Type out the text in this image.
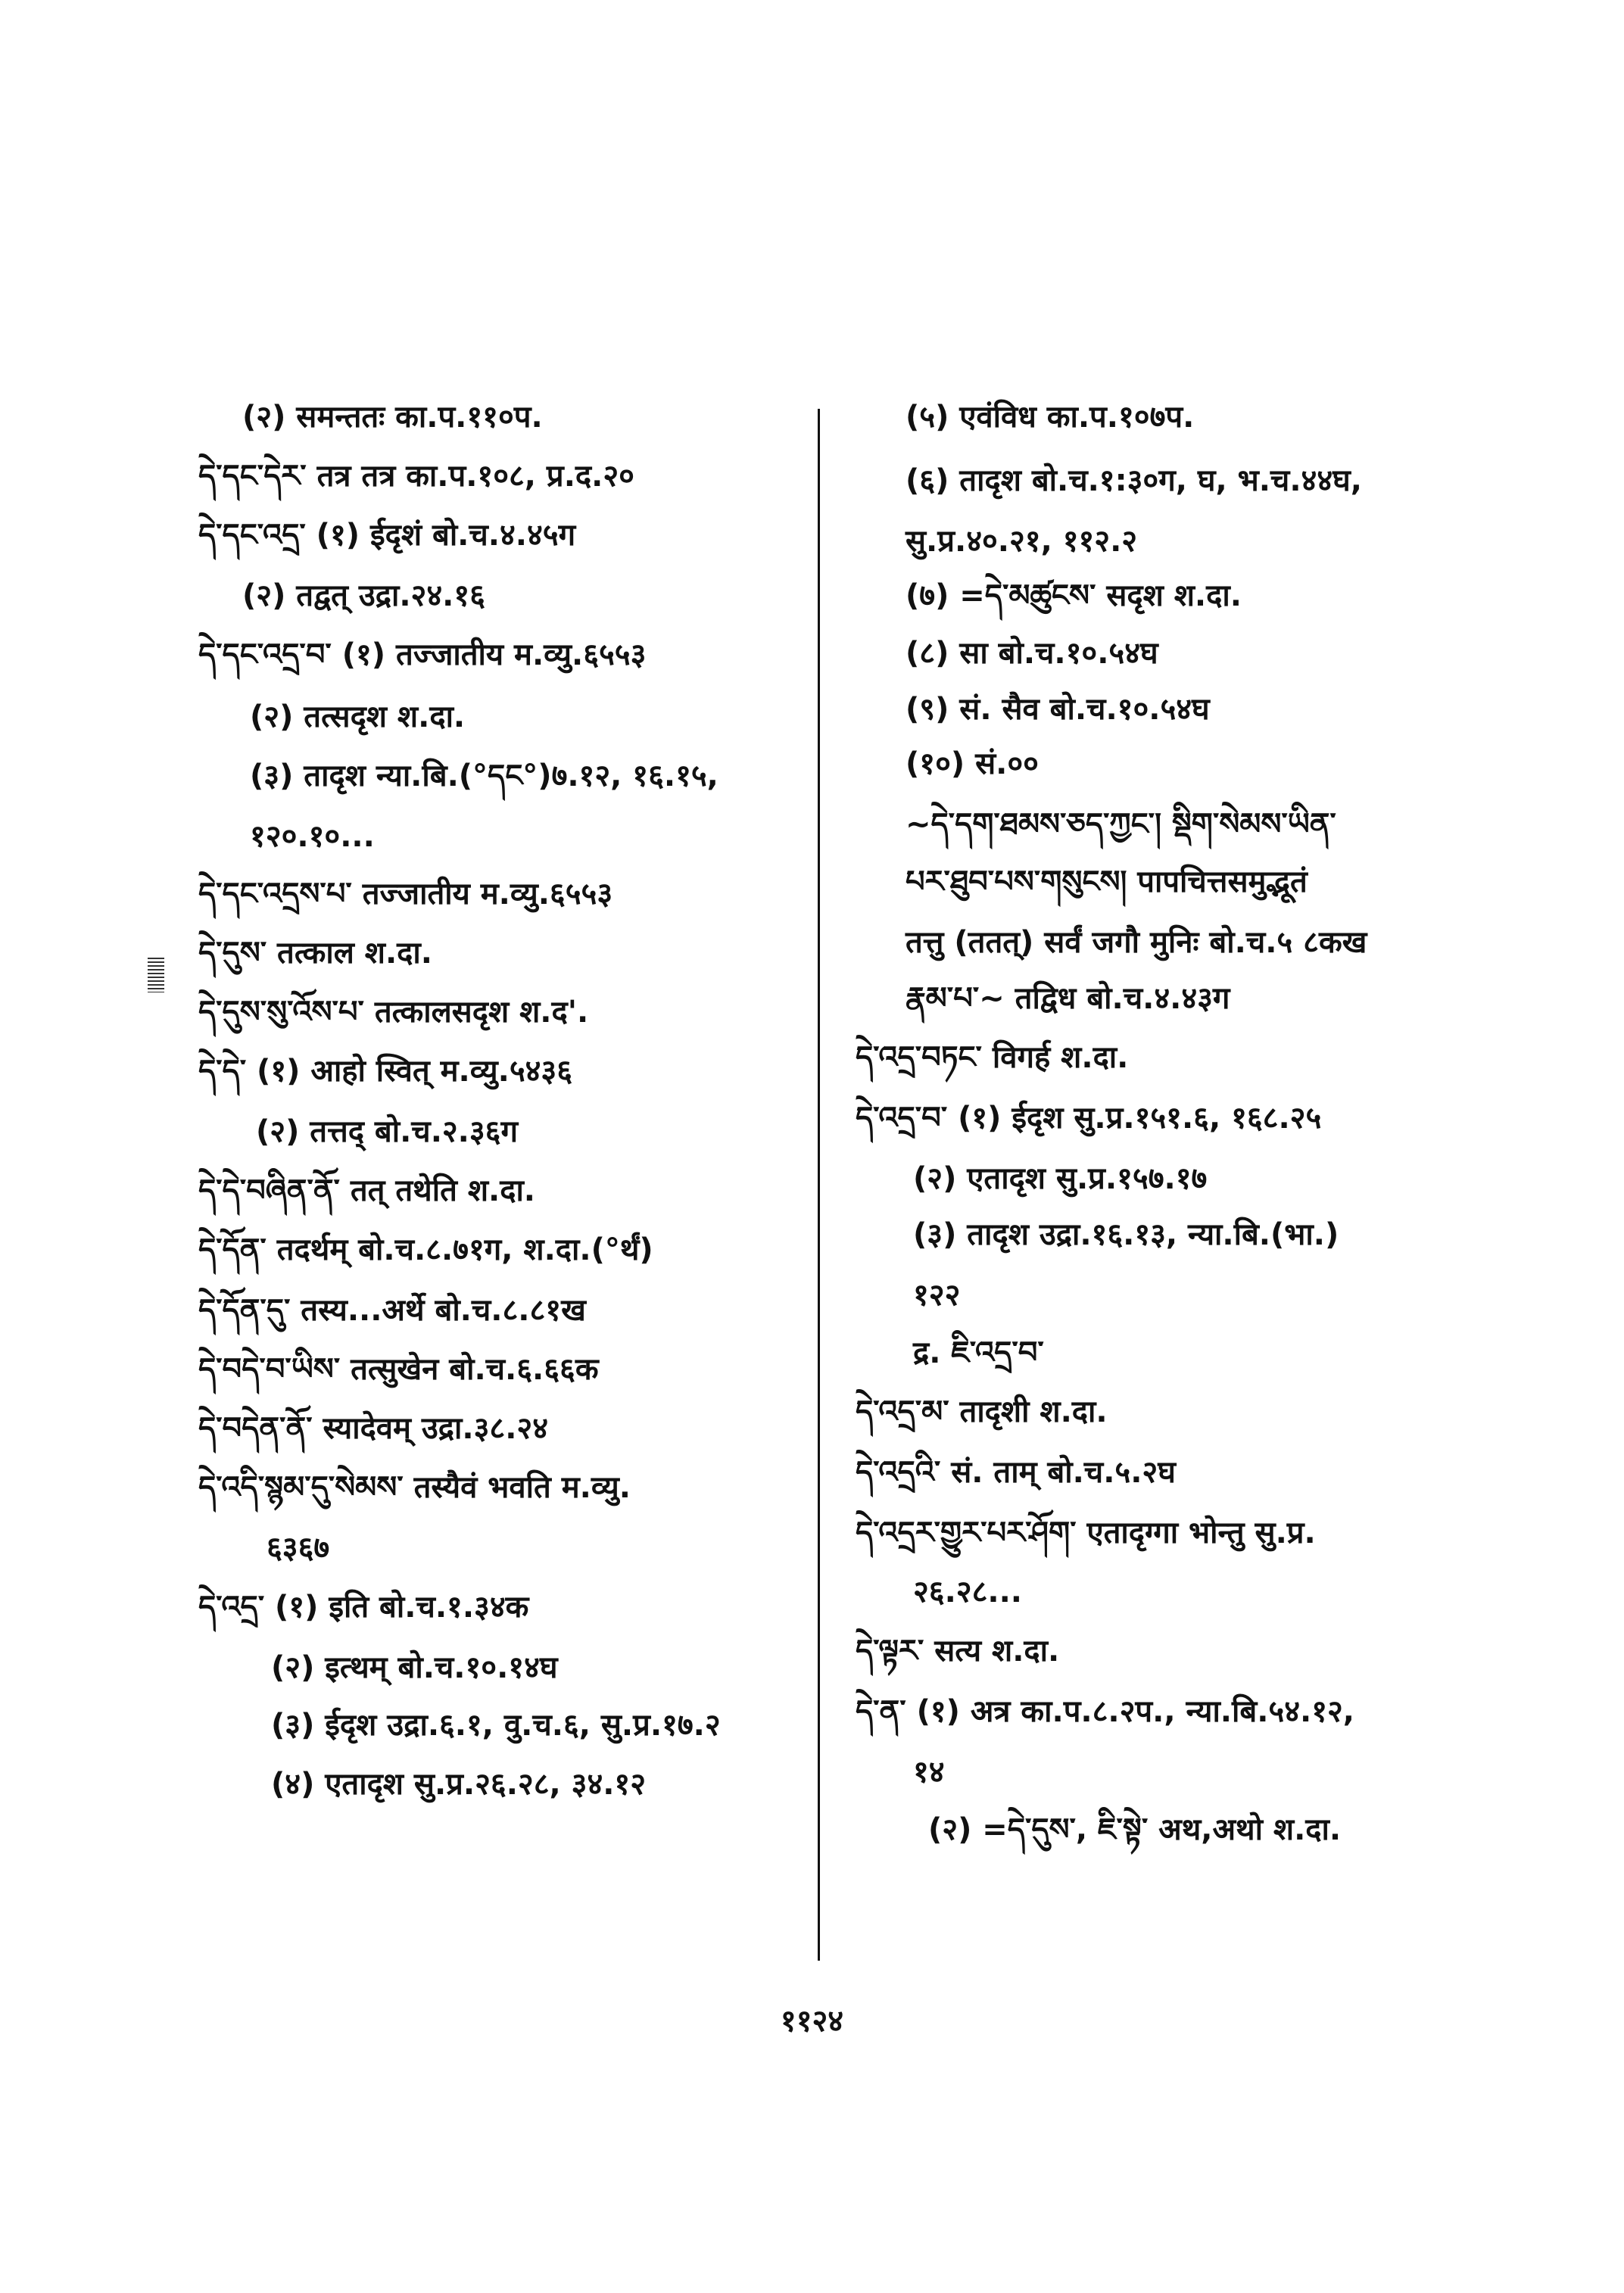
(२) समन्ततः का.प.११०प.
དེ་དང་དེར་ तत्र तत्र का.प.१०८, प्र.द.२०
དེ་དང་འདྲ་ (१) ईदृशं बो.च.४.४५ग
(२) तद्वत् उद्रा.२४.१६
དེ་དང་འདྲ་བ་ (१) तज्जातीय म.व्यु.६५५३
(२) तत्सदृश श.दा.
(३) तादृश न्या.बि.(°དང°)७.१२, १६.१५,
१२०.१०...
དེ་དང་འདྲས་པ་ तज्जातीय म.व्यु.६५५३
དེ་དུས་ तत्काल श.दा.
དེ་དུས་སུ་འོས་པ་ तत्कालसदृश श.द'.
དེ་དེ་ (१) आहो स्वित् म.व्यु.५४३६
(२) तत्तद् बो.च.२.३६ग
དེ་དེ་བཞིན་ནོ་ तत् तथेति श.दा.
དེ་དོན་ तदर्थम् बो.च.८.७१ग, श.दा.(°र्थं)
དེ་དོན་དུ་ तस्य...अर्थे बो.च.८.८१ख
དེ་བདེ་བ་ཡིས་ तत्सुखेन बो.च.६.६६क
དེ་བདེན་ནོ་ स्यादेवम् उद्रा.३८.२४
དེ་འདི་སྙམ་དུ་སེམས་ तस्यैवं भवति म.व्यु.
६३६७
དེ་འདྲ་ (१) इति बो.च.१.३४क
(२) इत्थम् बो.च.१०.१४घ
(३) ईदृश उद्रा.६.१, वु.च.६, सु.प्र.१७.२
(४) एतादृश सु.प्र.२६.२८, ३४.१२
(५) एवंविध का.प.१०७प.
(६) तादृश बो.च.१:३०ग, घ, भ.च.४४घ,
सु.प्र.४०.२१, ११२.२
(७) =དེ་མཚུངས་ सदृश श.दा.
(८) सा बो.च.१०.५४घ
(९) सं. सैव बो.च.१०.५४घ
(१०) सं.००
~དེ་དག་ཐམས་ཅད་ཀྱང་། སྡིག་སེམས་ཡིན་
པར་ཐུབ་པས་གསུངས། पापचित्तसमुद्भूतं
तत्तु (ततत्) सर्वं जगौ मुनिः बो.च.५ ८कख
རྣམ་པ་~ तद्विध बो.च.४.४३ग
དེ་འདྲ་བཏང་ विगर्ह श.दा.
དེ་འདྲ་བ་ (१) ईदृश सु.प्र.१५१.६, १६८.२५
(२) एतादृश सु.प्र.१५७.१७
(३) तादृश उद्रा.१६.१३, न्या.बि.(भा.)
१२२
द्र. ཇི་འདྲ་བ་
དེ་འདྲ་མ་ तादृशी श.दा.
དེ་འདྲའི་ सं. ताम् बो.च.५.२घ
དེ་འདྲར་གྱུར་པར་ཤོག་ एतादृग्गा भोन्तु सु.प्र.
२६.२८...
དེ་ལྟར་ सत्य श.दा.
དེ་ན་ (१) अत्र का.प.८.२प., न्या.बि.५४.१२,
१४
(२) =དེ་དུས་, ཇི་སྟེ་ अथ,अथो श.दा.
११२४
